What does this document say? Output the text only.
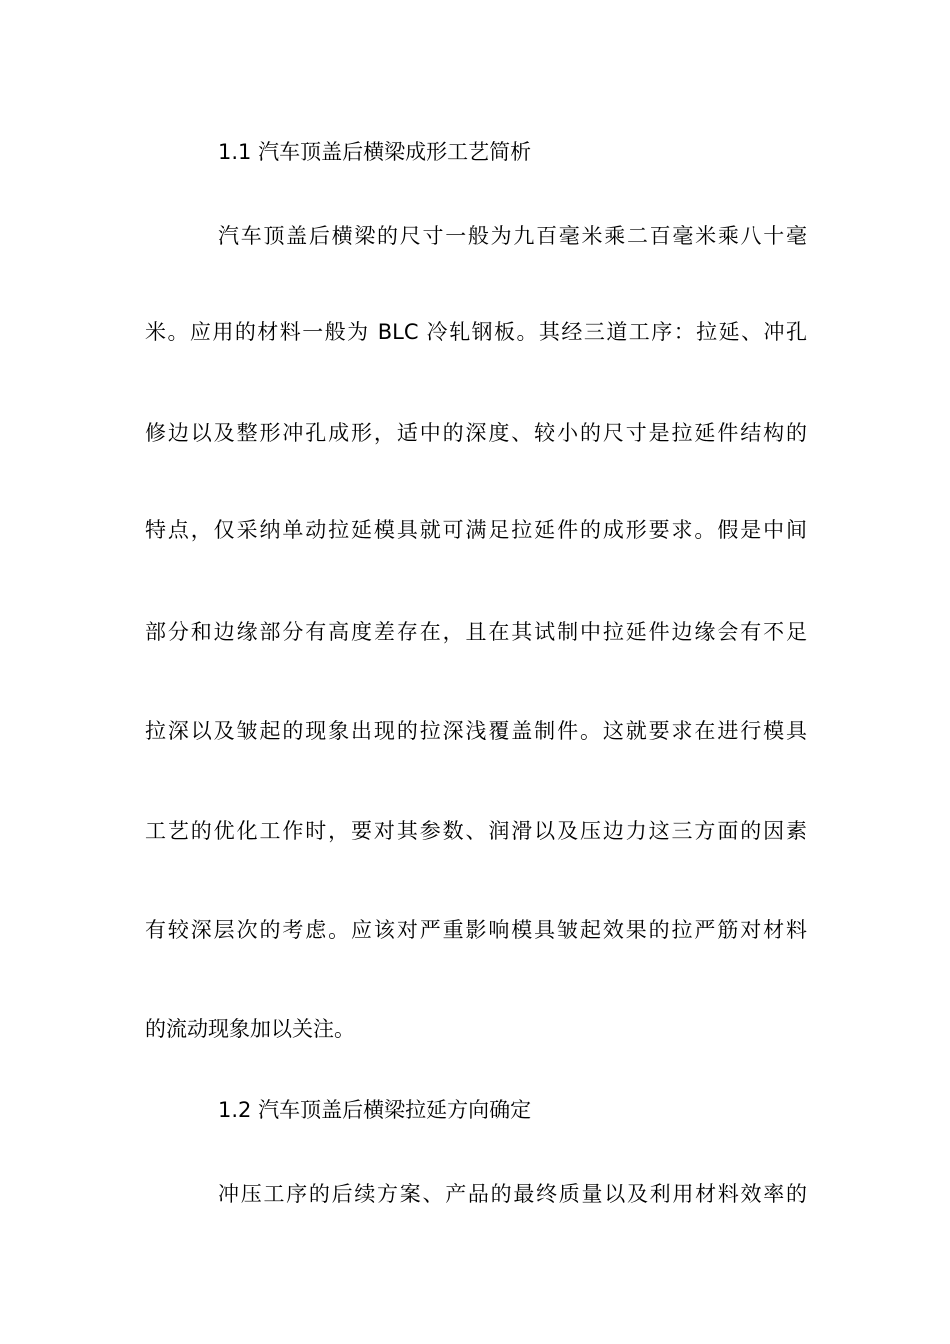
1.1 汽车顶盖后横梁成形工艺简析
汽车顶盖后横梁的尺寸一般为九百毫米乘二百毫米乘八十毫
米。应用的材料一般为 BLC 冷轧钢板。其经三道工序：拉延、冲孔
修边以及整形冲孔成形，适中的深度、较小的尺寸是拉延件结构的
特点，仅采纳单动拉延模具就可满足拉延件的成形要求。假是中间
部分和边缘部分有高度差存在，且在其试制中拉延件边缘会有不足
拉深以及皱起的现象出现的拉深浅覆盖制件。这就要求在进行模具
工艺的优化工作时，要对其参数、润滑以及压边力这三方面的因素
有较深层次的考虑。应该对严重影响模具皱起效果的拉严筋对材料
的流动现象加以关注。
1.2 汽车顶盖后横梁拉延方向确定
冲压工序的后续方案、产品的最终质量以及利用材料效率的
